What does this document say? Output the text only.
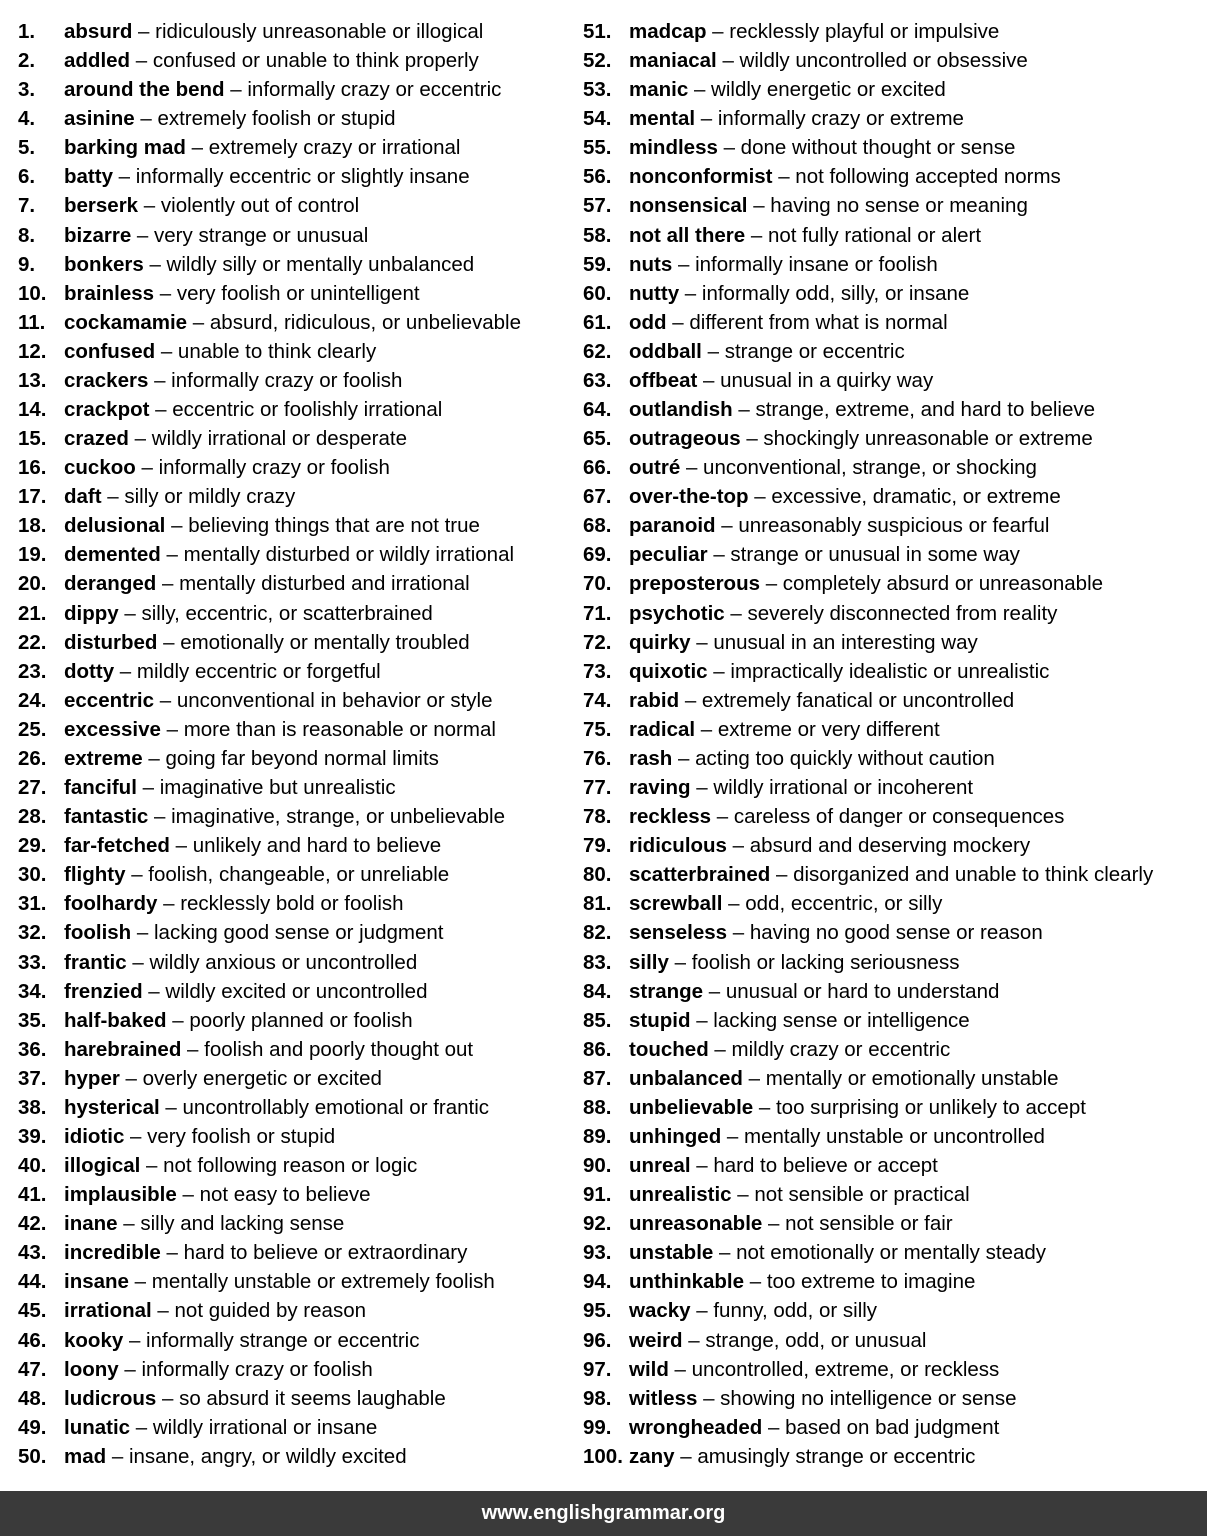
1.	absurd – ridiculously unreasonable or illogical
2.	addled – confused or unable to think properly
3.	around the bend – informally crazy or eccentric
4.	asinine – extremely foolish or stupid
5.	barking mad – extremely crazy or irrational
6.	batty – informally eccentric or slightly insane
7.	berserk – violently out of control
8.	bizarre – very strange or unusual
9.	bonkers – wildly silly or mentally unbalanced
10. brainless – very foolish or unintelligent
11. cockamamie – absurd, ridiculous, or unbelievable
12. confused – unable to think clearly
13. crackers – informally crazy or foolish
14. crackpot – eccentric or foolishly irrational
15. crazed – wildly irrational or desperate
16. cuckoo – informally crazy or foolish
17. daft – silly or mildly crazy
18. delusional – believing things that are not true
19. demented – mentally disturbed or wildly irrational
20. deranged – mentally disturbed and irrational
21. dippy – silly, eccentric, or scatterbrained
22. disturbed – emotionally or mentally troubled
23. dotty – mildly eccentric or forgetful
24. eccentric – unconventional in behavior or style
25. excessive – more than is reasonable or normal
26. extreme – going far beyond normal limits
27. fanciful – imaginative but unrealistic
28. fantastic – imaginative, strange, or unbelievable
29. far-fetched – unlikely and hard to believe
30. flighty – foolish, changeable, or unreliable
31. foolhardy – recklessly bold or foolish
32. foolish – lacking good sense or judgment
33. frantic – wildly anxious or uncontrolled
34. frenzied – wildly excited or uncontrolled
35. half-baked – poorly planned or foolish
36. harebrained – foolish and poorly thought out
37. hyper – overly energetic or excited
38. hysterical – uncontrollably emotional or frantic
39. idiotic – very foolish or stupid
40. illogical – not following reason or logic
41. implausible – not easy to believe
42. inane – silly and lacking sense
43. incredible – hard to believe or extraordinary
44. insane – mentally unstable or extremely foolish
45. irrational – not guided by reason
46. kooky – informally strange or eccentric
47. loony – informally crazy or foolish
48. ludicrous – so absurd it seems laughable
49. lunatic – wildly irrational or insane
50. mad – insane, angry, or wildly excited
51. madcap – recklessly playful or impulsive
52. maniacal – wildly uncontrolled or obsessive
53. manic – wildly energetic or excited
54. mental – informally crazy or extreme
55. mindless – done without thought or sense
56. nonconformist – not following accepted norms
57. nonsensical – having no sense or meaning
58. not all there – not fully rational or alert
59. nuts – informally insane or foolish
60. nutty – informally odd, silly, or insane
61. odd – different from what is normal
62. oddball – strange or eccentric
63. offbeat – unusual in a quirky way
64. outlandish – strange, extreme, and hard to believe
65. outrageous – shockingly unreasonable or extreme
66. outré – unconventional, strange, or shocking
67. over-the-top – excessive, dramatic, or extreme
68. paranoid – unreasonably suspicious or fearful
69. peculiar – strange or unusual in some way
70. preposterous – completely absurd or unreasonable
71. psychotic – severely disconnected from reality
72. quirky – unusual in an interesting way
73. quixotic – impractically idealistic or unrealistic
74. rabid – extremely fanatical or uncontrolled
75. radical – extreme or very different
76. rash – acting too quickly without caution
77. raving – wildly irrational or incoherent
78. reckless – careless of danger or consequences
79. ridiculous – absurd and deserving mockery
80. scatterbrained – disorganized and unable to think clearly
81. screwball – odd, eccentric, or silly
82. senseless – having no good sense or reason
83. silly – foolish or lacking seriousness
84. strange – unusual or hard to understand
85. stupid – lacking sense or intelligence
86. touched – mildly crazy or eccentric
87. unbalanced – mentally or emotionally unstable
88. unbelievable – too surprising or unlikely to accept
89. unhinged – mentally unstable or uncontrolled
90. unreal – hard to believe or accept
91. unrealistic – not sensible or practical
92. unreasonable – not sensible or fair
93. unstable – not emotionally or mentally steady
94. unthinkable – too extreme to imagine
95. wacky – funny, odd, or silly
96. weird – strange, odd, or unusual
97. wild – uncontrolled, extreme, or reckless
98. witless – showing no intelligence or sense
99. wrongheaded – based on bad judgment
100. zany – amusingly strange or eccentric
www.englishgrammar.org
